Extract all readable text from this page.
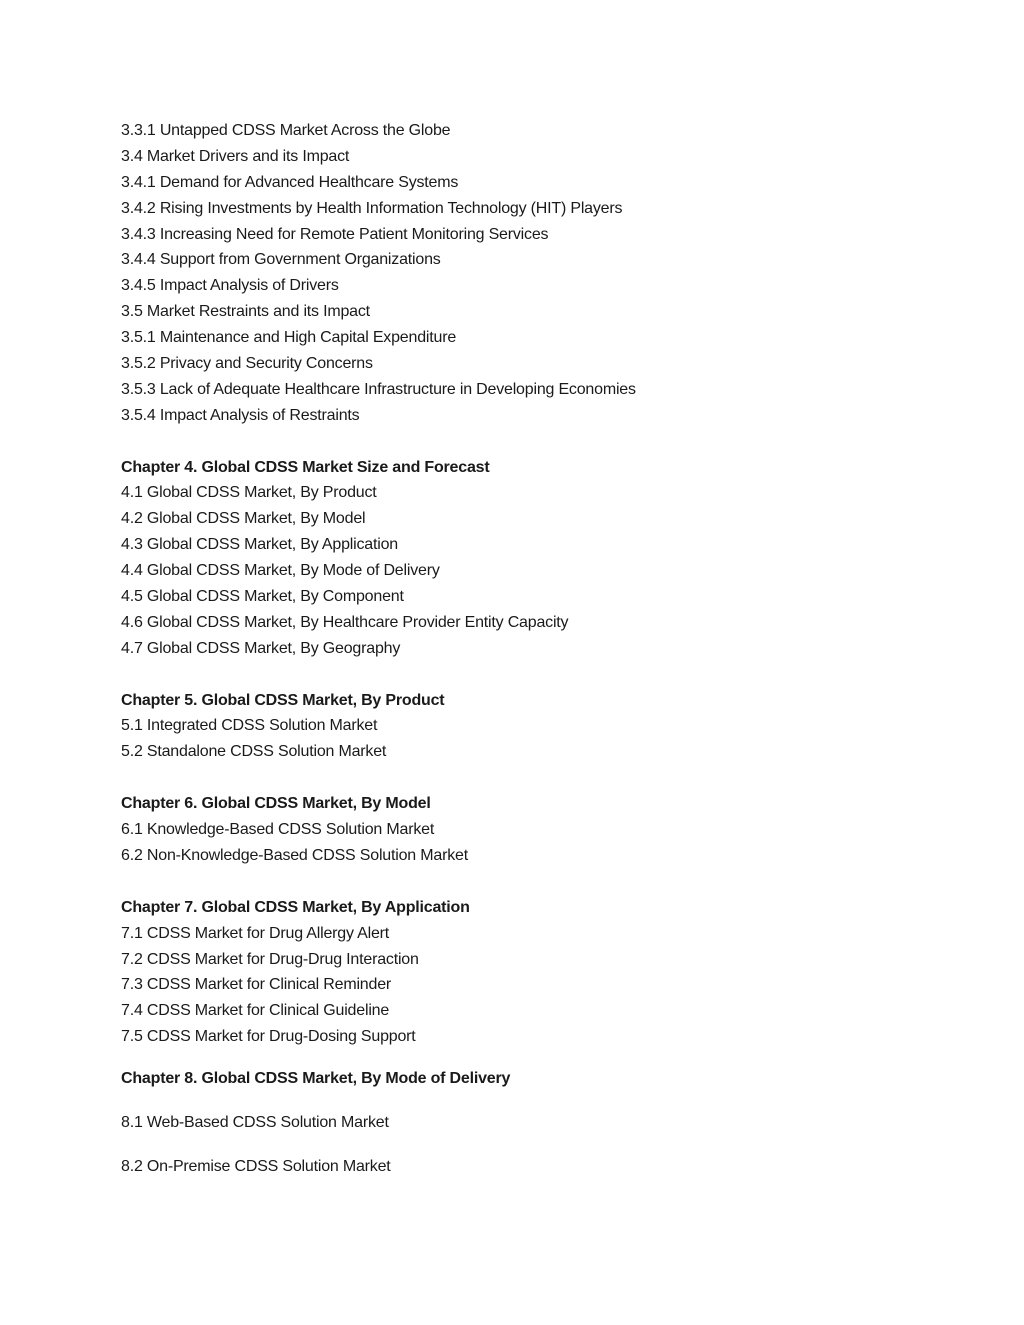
3.3.1 Untapped CDSS Market Across the Globe
3.4 Market Drivers and its Impact
3.4.1 Demand for Advanced Healthcare Systems
3.4.2 Rising Investments by Health Information Technology (HIT) Players
3.4.3 Increasing Need for Remote Patient Monitoring Services
3.4.4 Support from Government Organizations
3.4.5 Impact Analysis of Drivers
3.5 Market Restraints and its Impact
3.5.1 Maintenance and High Capital Expenditure
3.5.2 Privacy and Security Concerns
3.5.3 Lack of Adequate Healthcare Infrastructure in Developing Economies
3.5.4 Impact Analysis of Restraints
Chapter 4. Global CDSS Market Size and Forecast
4.1 Global CDSS Market, By Product
4.2 Global CDSS Market, By Model
4.3 Global CDSS Market, By Application
4.4 Global CDSS Market, By Mode of Delivery
4.5 Global CDSS Market, By Component
4.6 Global CDSS Market, By Healthcare Provider Entity Capacity
4.7 Global CDSS Market, By Geography
Chapter 5. Global CDSS Market, By Product
5.1 Integrated CDSS Solution Market
5.2 Standalone CDSS Solution Market
Chapter 6. Global CDSS Market, By Model
6.1 Knowledge-Based CDSS Solution Market
6.2 Non-Knowledge-Based CDSS Solution Market
Chapter 7. Global CDSS Market, By Application
7.1 CDSS Market for Drug Allergy Alert
7.2 CDSS Market for Drug-Drug Interaction
7.3 CDSS Market for Clinical Reminder
7.4 CDSS Market for Clinical Guideline
7.5 CDSS Market for Drug-Dosing Support
Chapter 8. Global CDSS Market, By Mode of Delivery
8.1 Web-Based CDSS Solution Market
8.2 On-Premise CDSS Solution Market
